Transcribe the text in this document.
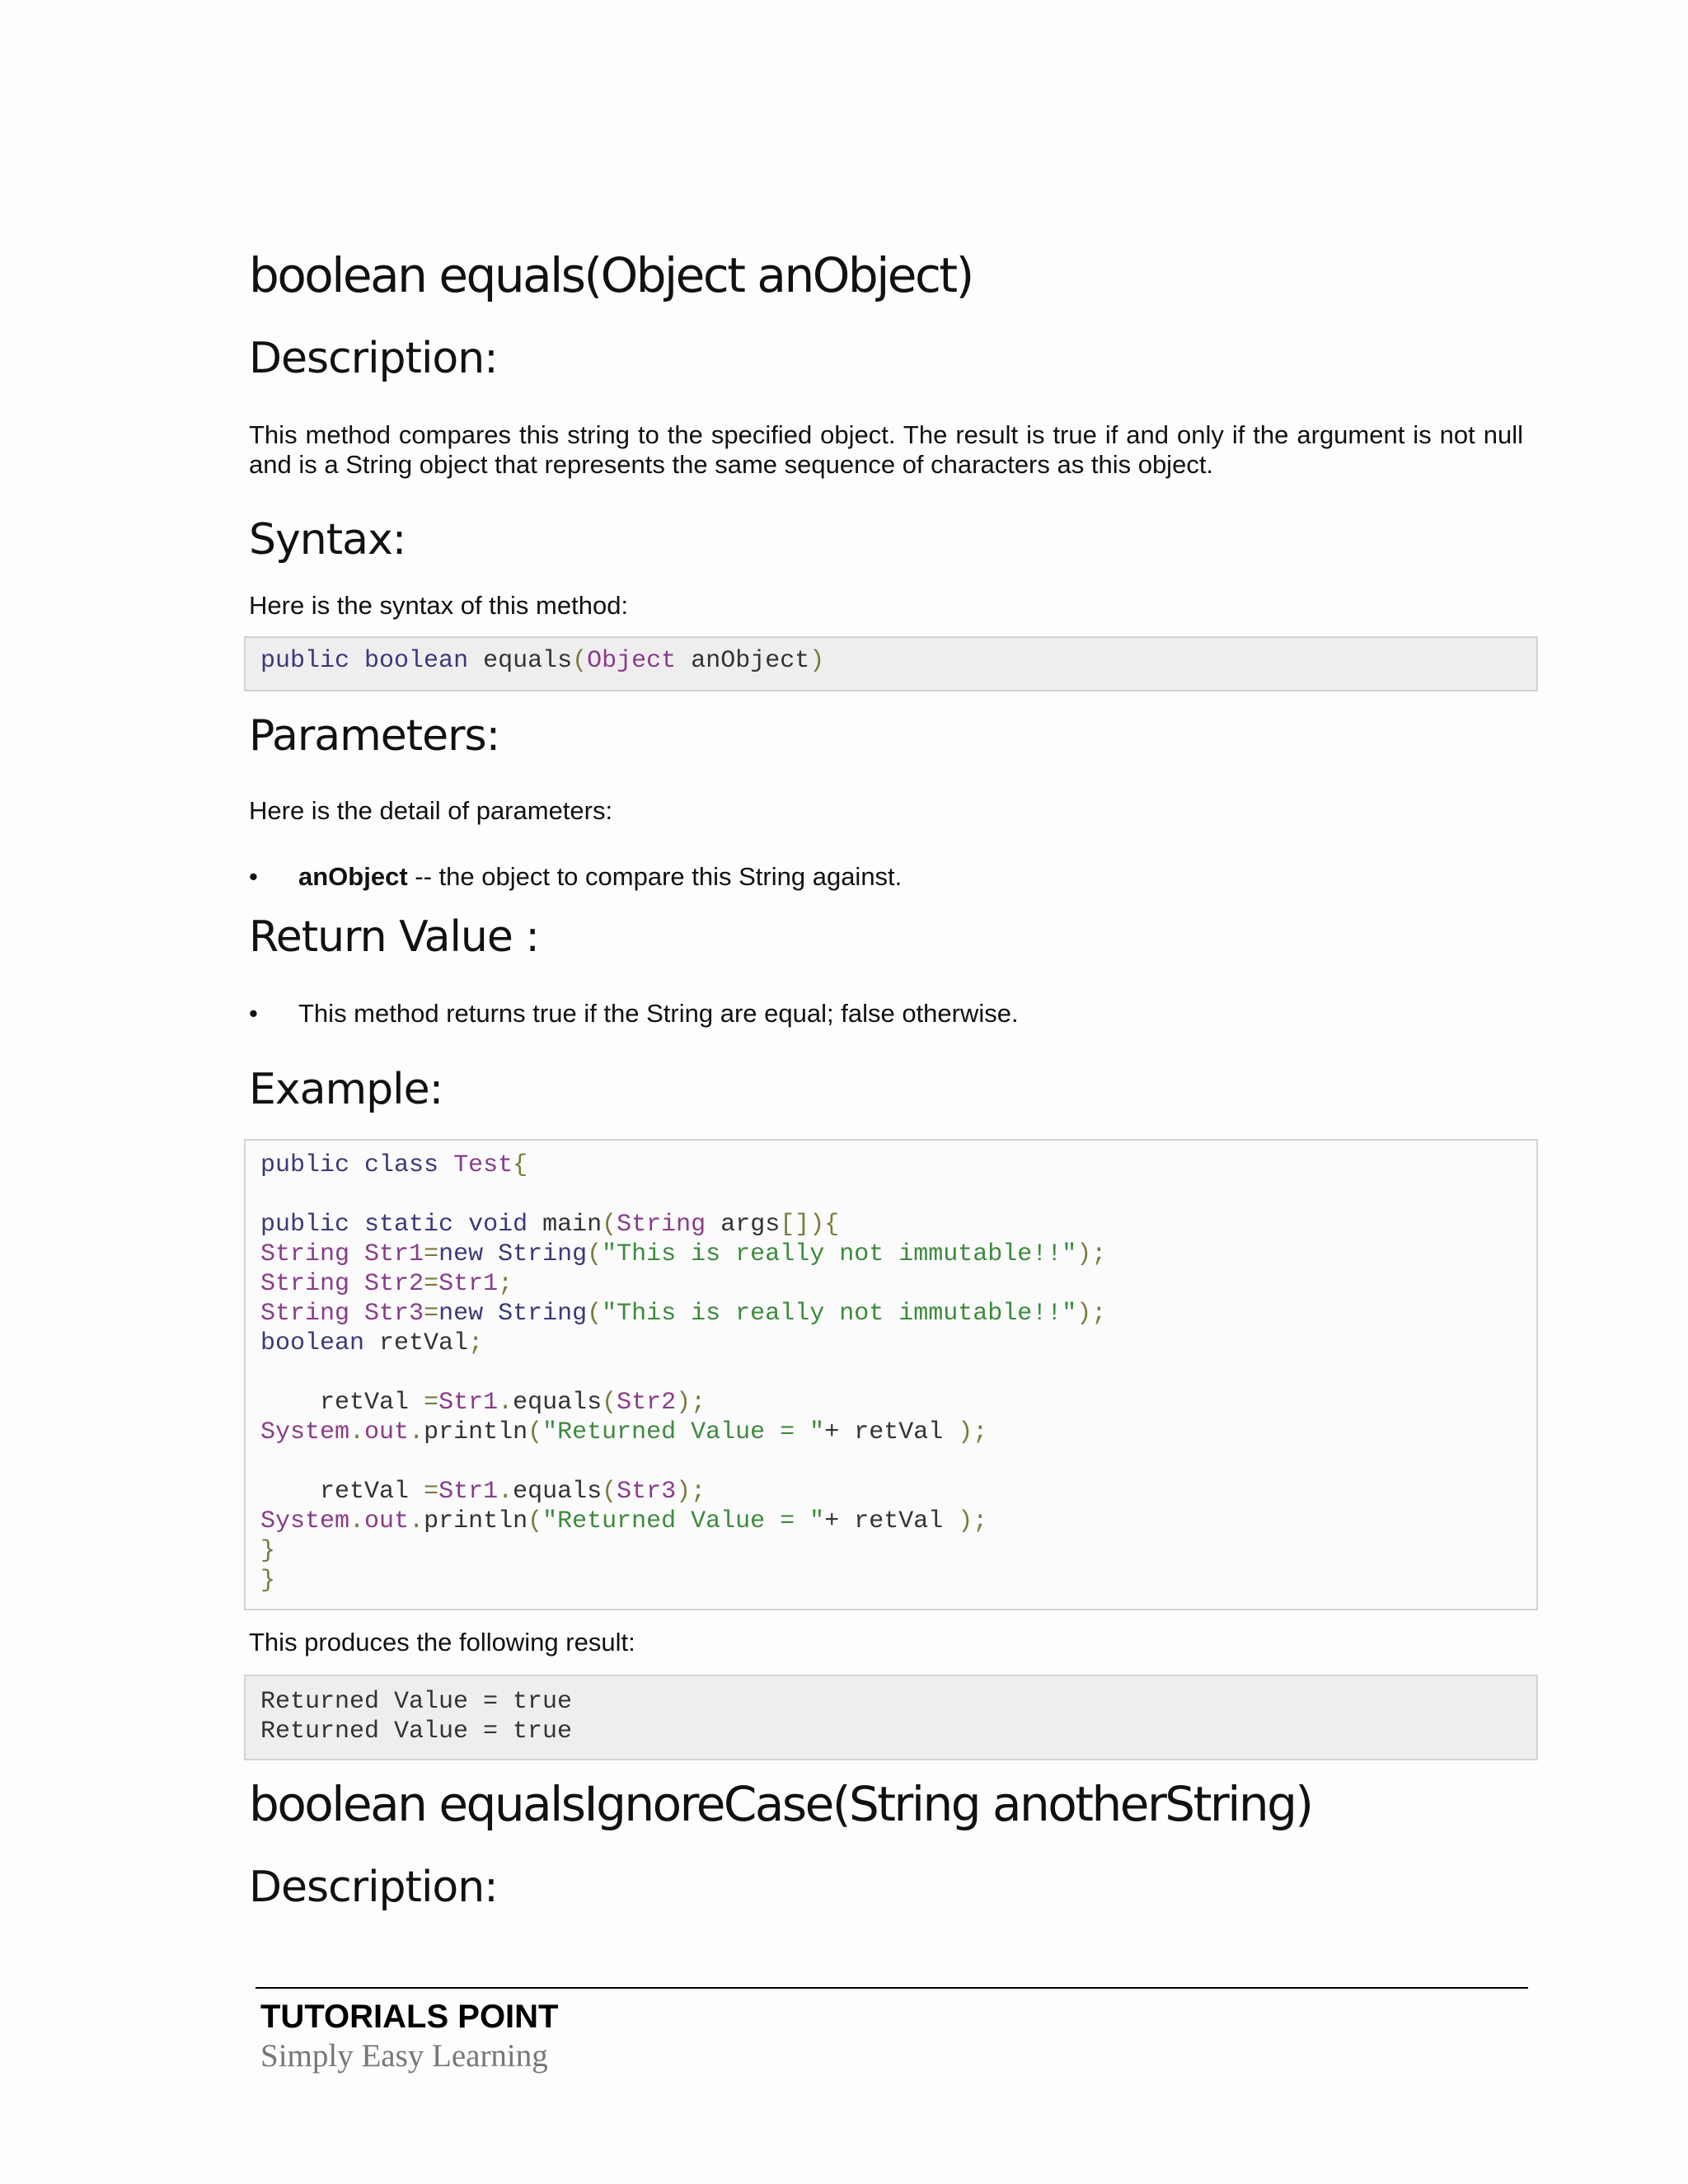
boolean equals(Object anObject)
Description:

This method compares this string to the specified object. The result is true if and only if the argument is not null and is a String object that represents the same sequence of characters as this object.

Syntax:

Here is the syntax of this method:

public boolean equals(Object anObject)
Parameters:

Here is the detail of parameters:

• anObject -- the object to compare this String against.
Return Value :
• This method returns true if the String are equal; false otherwise.
Example:
public class Test{

public static void main(String args[]){
String Str1=new String("This is really not immutable!!");
String Str2=Str1;
String Str3=new String("This is really not immutable!!");
boolean retVal;

retVal =Str1.equals(Str2);
System.out.println("Returned Value = "+ retVal );

retVal =Str1.equals(Str3);
System.out.println("Returned Value = "+ retVal );
}
}

This produces the following result:

Returned Value = true
Returned Value = true
boolean equalsIgnoreCase(String anotherString)
Description:
TUTORIALS POINT
Simply Easy Learning
